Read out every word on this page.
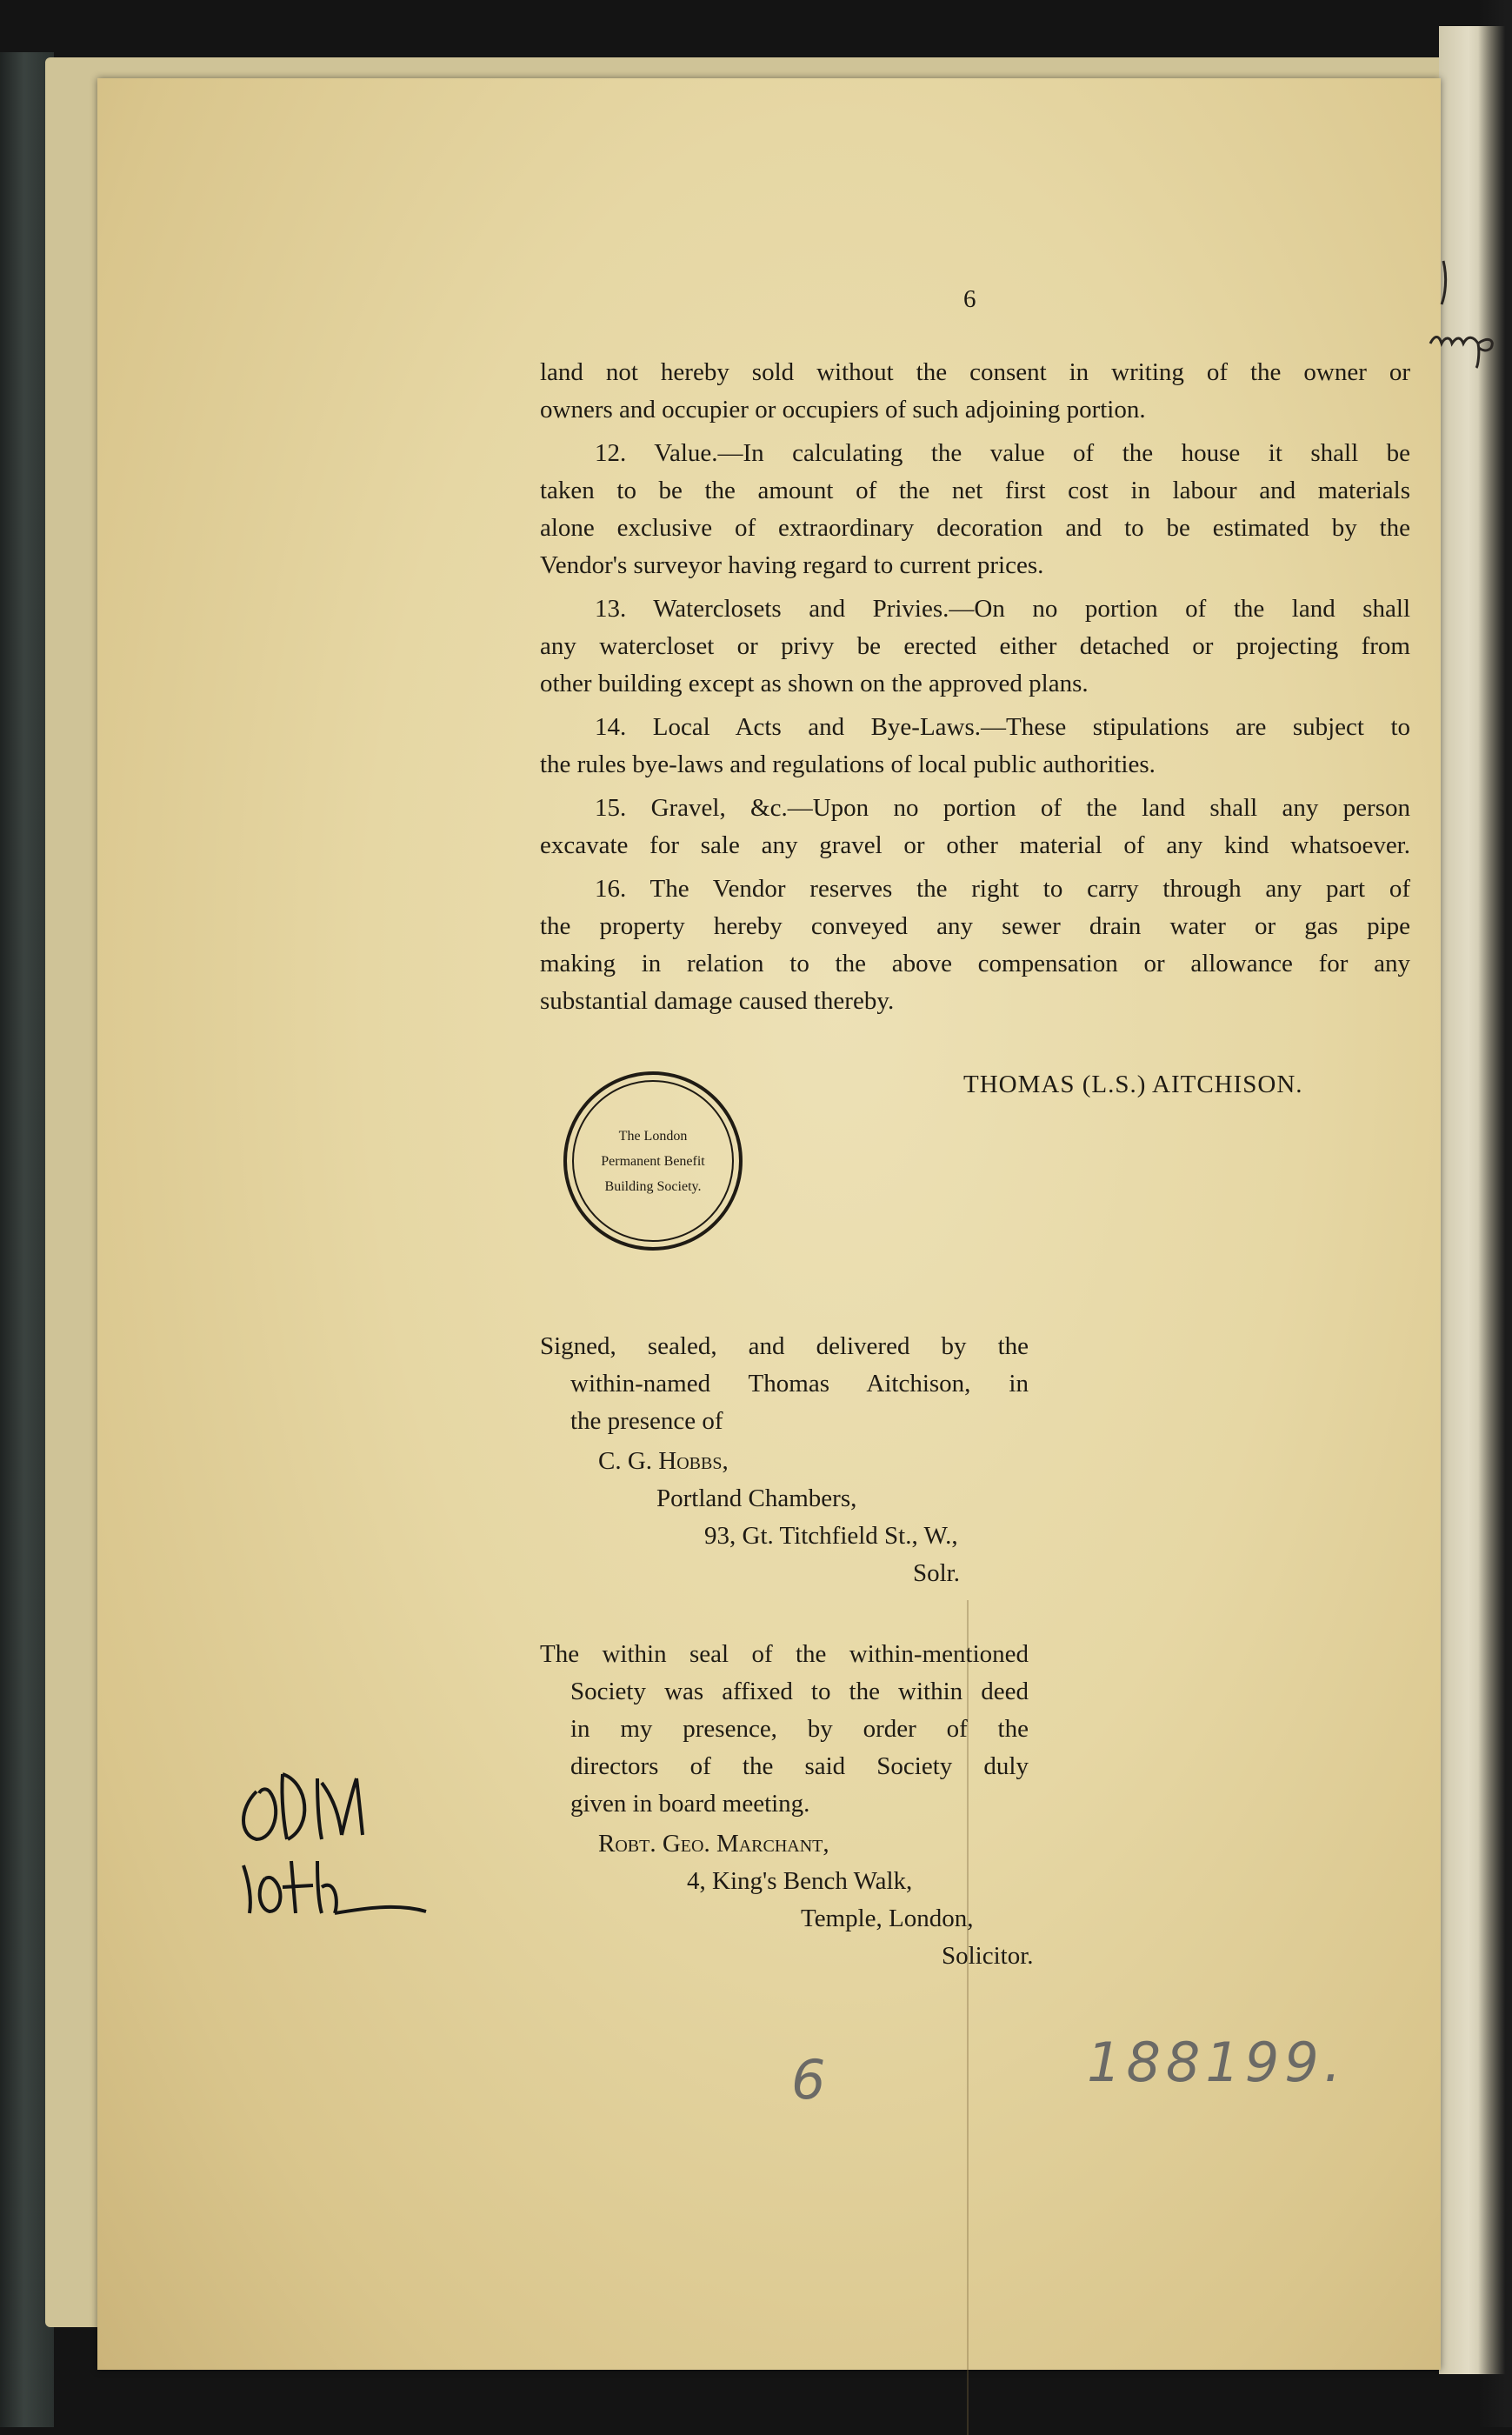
6
land not hereby sold without the consent in writing of the owner or
owners and occupier or occupiers of such adjoining portion.
12. Value.—In calculating the value of the house it shall be
taken to be the amount of the net first cost in labour and materials
alone exclusive of extraordinary decoration and to be estimated by the
Vendor's surveyor having regard to current prices.
13. Waterclosets and Privies.—On no portion of the land shall
any watercloset or privy be erected either detached or projecting from
other building except as shown on the approved plans.
14. Local Acts and Bye-Laws.—These stipulations are subject to
the rules bye-laws and regulations of local public authorities.
15. Gravel, &c.—Upon no portion of the land shall any person
excavate for sale any gravel or other material of any kind whatsoever.
16. The Vendor reserves the right to carry through any part of
the property hereby conveyed any sewer drain water or gas pipe
making in relation to the above compensation or allowance for any
substantial damage caused thereby.
THOMAS (L.S.) AITCHISON.
The London
Permanent Benefit
Building Society.
Signed, sealed, and delivered by the
within-named Thomas Aitchison, in
the presence of
C. G. Hobbs,
Portland Chambers,
93, Gt. Titchfield St., W.,
Solr.
The within seal of the within-mentioned
Society was affixed to the within deed
in my presence, by order of the
directors of the said Society duly
given in board meeting.
Robt. Geo. Marchant,
4, King's Bench Walk,
Temple, London,
Solicitor.
6	188199.
